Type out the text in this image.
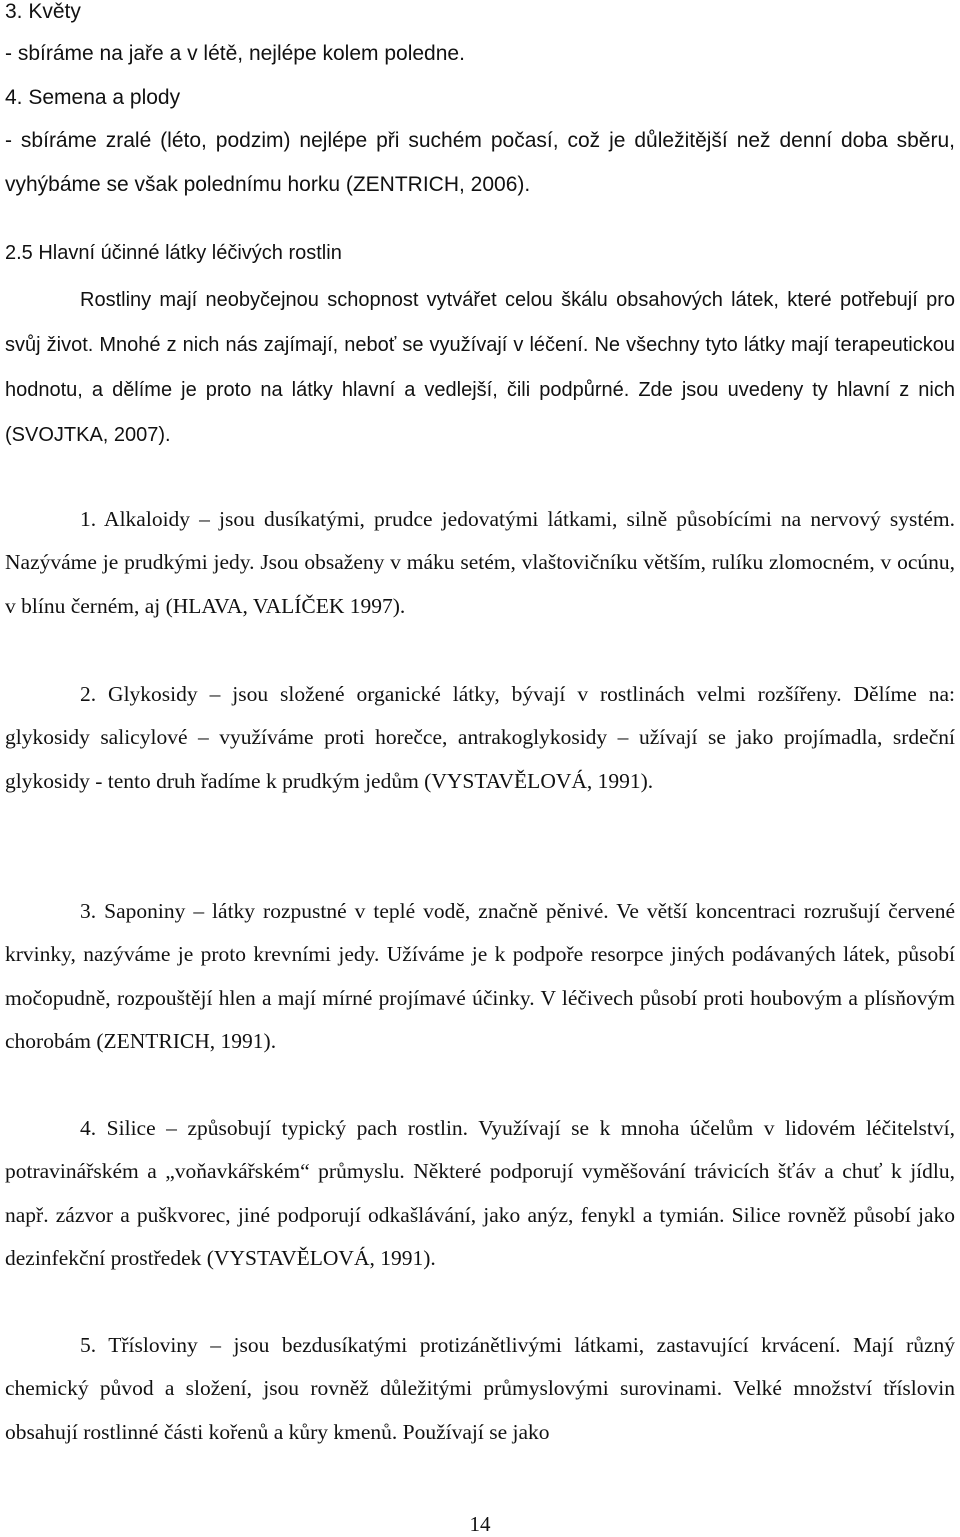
3. Květy
- sbíráme na jaře a v létě, nejlépe kolem poledne.
4. Semena a plody
- sbíráme zralé (léto, podzim) nejlépe při suchém počasí, což je důležitější než denní doba sběru, vyhýbáme se však polednímu horku (ZENTRICH, 2006).
2.5 Hlavní účinné látky léčivých rostlin
Rostliny mají neobyčejnou schopnost vytvářet celou škálu obsahových látek, které potřebují pro svůj život. Mnohé z nich nás zajímají, neboť se využívají v léčení. Ne všechny tyto látky mají terapeutickou hodnotu, a dělíme je proto na látky hlavní a vedlejší, čili podpůrné. Zde jsou uvedeny ty hlavní z nich (SVOJTKA, 2007).
1. Alkaloidy – jsou dusíkatými, prudce jedovatými látkami, silně působícími na nervový systém. Nazýváme je prudkými jedy. Jsou obsaženy v máku setém, vlaštovičníku větším, rulíku zlomocném, v ocúnu, v blínu černém, aj (HLAVA, VALÍČEK 1997).
2. Glykosidy – jsou složené organické látky, bývají v rostlinách velmi rozšířeny. Dělíme na: glykosidy salicylové – využíváme proti horečce, antrakoglykosidy – užívají se jako projímadla, srdeční glykosidy - tento druh řadíme k prudkým jedům (VYSTAVĚLOVÁ, 1991).
3. Saponiny – látky rozpustné v teplé vodě, značně pěnivé. Ve větší koncentraci rozrušují červené krvinky, nazýváme je proto krevními jedy. Užíváme je k podpoře resorpce jiných podávaných látek, působí močopudně, rozpouštějí hlen a mají mírné projímavé účinky. V léčivech působí proti houbovým a plísňovým chorobám (ZENTRICH, 1991).
4. Silice – způsobují typický pach rostlin. Využívají se k mnoha účelům v lidovém léčitelství, potravinářském a „voňavkářském“ průmyslu. Některé podporují vyměšování trávicích šťáv a chuť k jídlu, např. zázvor a puškvorec, jiné podporují odkašlávání, jako anýz, fenykl a tymián. Silice rovněž působí jako dezinfekční prostředek (VYSTAVĚLOVÁ, 1991).
5. Třísloviny – jsou bezdusíkatými protizánětlivými látkami, zastavující krvácení. Mají různý chemický původ a složení, jsou rovněž důležitými průmyslovými surovinami. Velké množství tříslovin obsahují rostlinné části kořenů a kůry kmenů. Používají se jako
14
